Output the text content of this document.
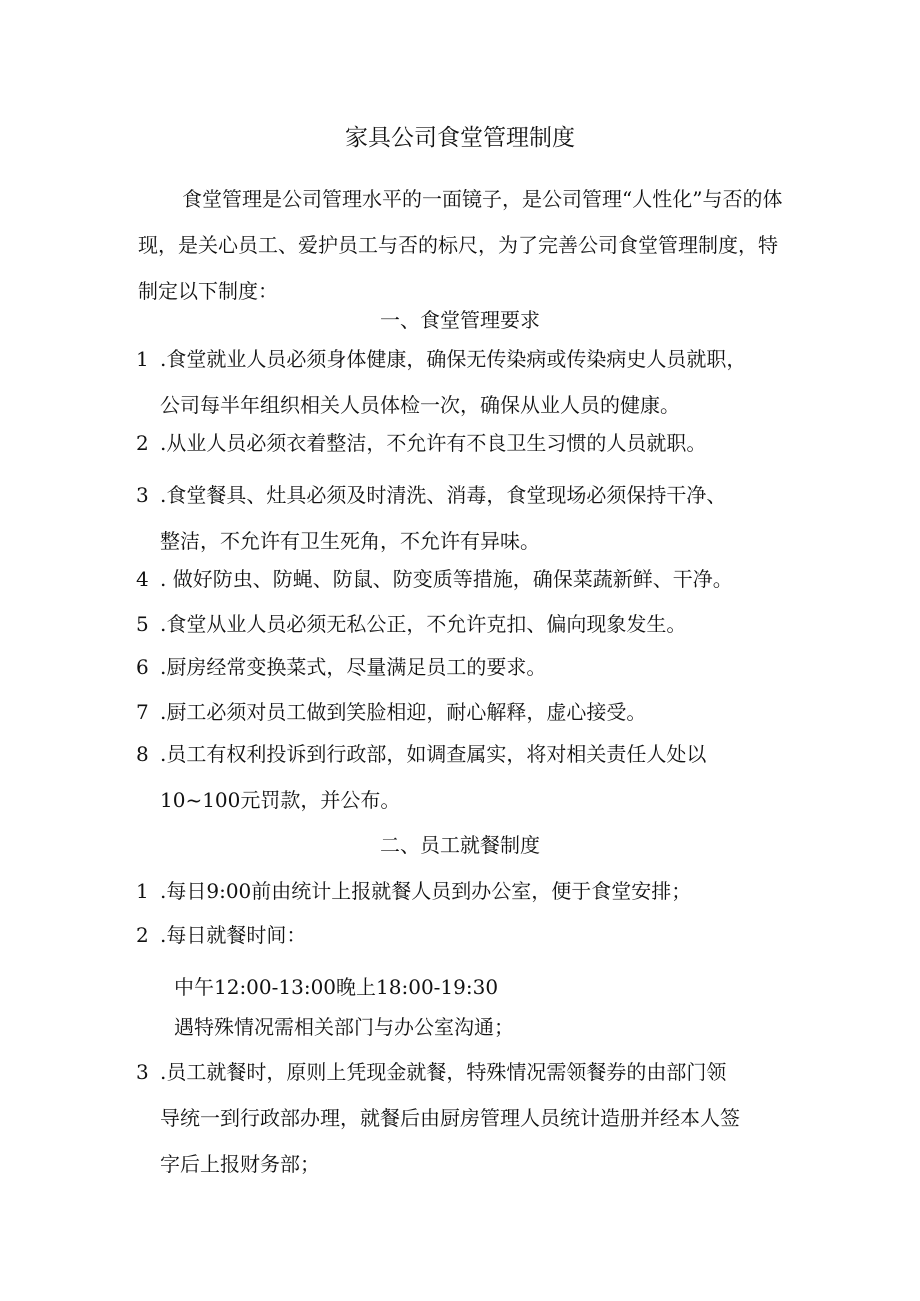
家具公司食堂管理制度

食堂管理是公司管理水平的一面镜子，是公司管理“人性化”与否的体现，是关心员工、爱护员工与否的标尺，为了完善公司食堂管理制度，特制定以下制度：

一、食堂管理要求

1 .食堂就业人员必须身体健康，确保无传染病或传染病史人员就职，
公司每半年组织相关人员体检一次，确保从业人员的健康。
2 .从业人员必须衣着整洁，不允许有不良卫生习惯的人员就职。
3 .食堂餐具、灶具必须及时清洗、消毒，食堂现场必须保持干净、
整洁，不允许有卫生死角，不允许有异味。
4 . 做好防虫、防蝇、防鼠、防变质等措施，确保菜蔬新鲜、干净。
5 .食堂从业人员必须无私公正，不允许克扣、偏向现象发生。
6 .厨房经常变换菜式，尽量满足员工的要求。
7 .厨工必须对员工做到笑脸相迎，耐心解释，虚心接受。
8 .员工有权利投诉到行政部，如调查属实，将对相关责任人处以
10~100元罚款，并公布。

二、员工就餐制度

1 .每日9:00前由统计上报就餐人员到办公室，便于食堂安排；
2 .每日就餐时间：

中午12:00-13:00晚上18:00-19:30

遇特殊情况需相关部门与办公室沟通；

3 .员工就餐时，原则上凭现金就餐，特殊情况需领餐券的由部门领
导统一到行政部办理，就餐后由厨房管理人员统计造册并经本人签
字后上报财务部；
